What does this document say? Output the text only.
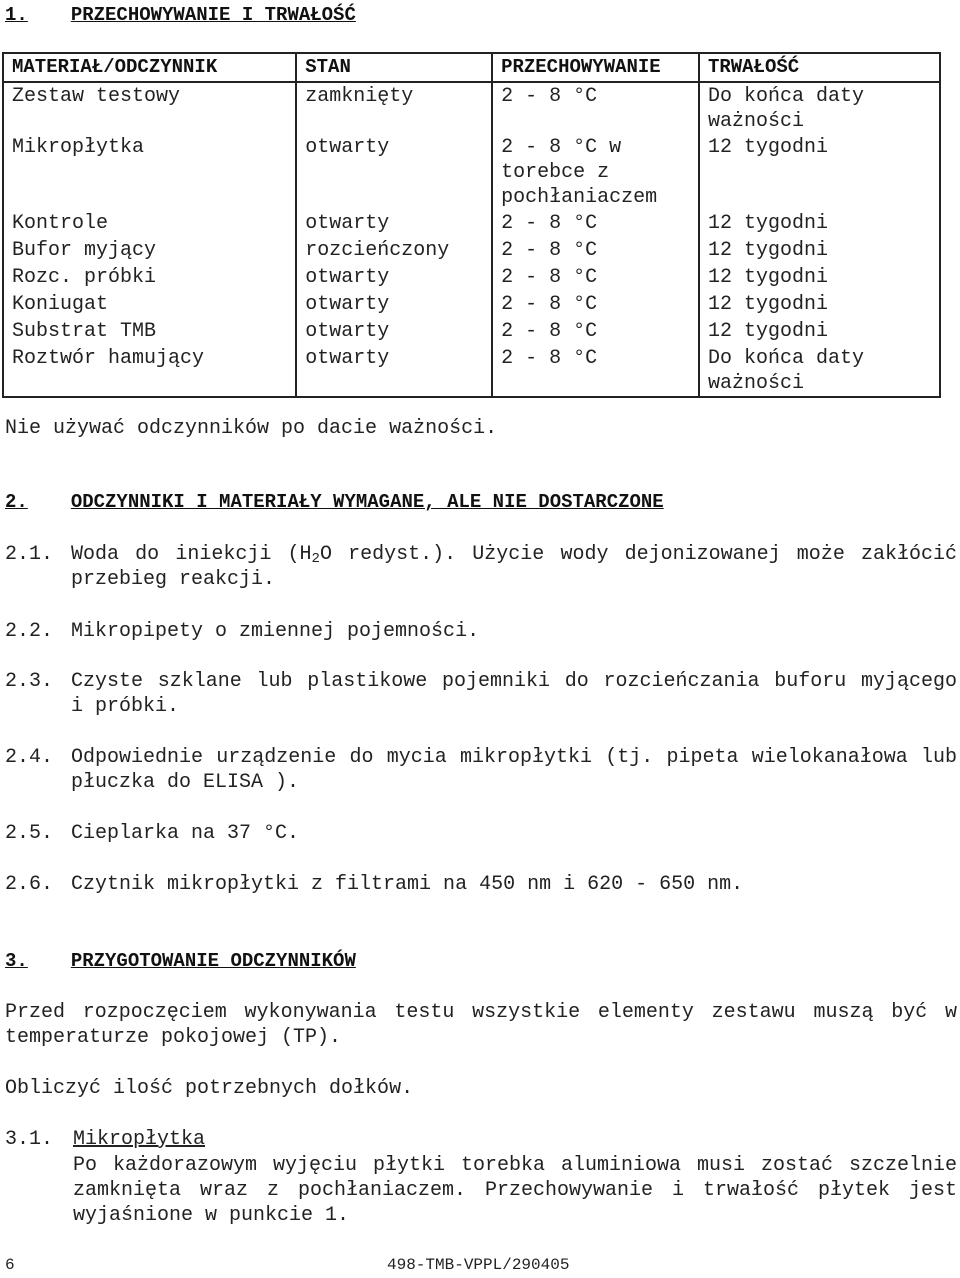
1. PRZECHOWYWANIE I TRWAŁOŚĆ
MATERIAŁ/ODCZYNNIK	STAN	PRZECHOWYWANIE	TRWAŁOŚĆ
Zestaw testowy	zamknięty	2 - 8 °C	Do końca daty ważności
Mikropłytka	otwarty	2 - 8 °C w torebce z pochłaniaczem	12 tygodni
Kontrole	otwarty	2 - 8 °C	12 tygodni
Bufor myjący	rozcieńczony	2 - 8 °C	12 tygodni
Rozc. próbki	otwarty	2 - 8 °C	12 tygodni
Koniugat	otwarty	2 - 8 °C	12 tygodni
Substrat TMB	otwarty	2 - 8 °C	12 tygodni
Roztwór hamujący	otwarty	2 - 8 °C	Do końca daty ważności
Nie używać odczynników po dacie ważności.
2. ODCZYNNIKI I MATERIAŁY WYMAGANE, ALE NIE DOSTARCZONE
2.1. Woda do iniekcji ($H_2O$ redyst.). Użycie wody dejonizowanej może zakłócić przebieg reakcji.
2.2. Mikropipety o zmiennej pojemności.
2.3. Czyste szklane lub plastikowe pojemniki do rozcieńczania buforu myjącego i próbki.
2.4. Odpowiednie urządzenie do mycia mikropłytki (tj. pipeta wielokanałowa lub płuczka do ELISA ).
2.5. Cieplarka na 37 °C.
2.6. Czytnik mikropłytki z filtrami na 450 nm i 620 - 650 nm.
3. PRZYGOTOWANIE ODCZYNNIKÓW
Przed rozpoczęciem wykonywania testu wszystkie elementy zestawu muszą być w temperaturze pokojowej (TP).
Obliczyć ilość potrzebnych dołków.
3.1. Mikropłytka
Po każdorazowym wyjęciu płytki torebka aluminiowa musi zostać szczelnie zamknięta wraz z pochłaniaczem. Przechowywanie i trwałość płytek jest wyjaśnione w punkcie 1.
6	498-TMB-VPPL/290405
